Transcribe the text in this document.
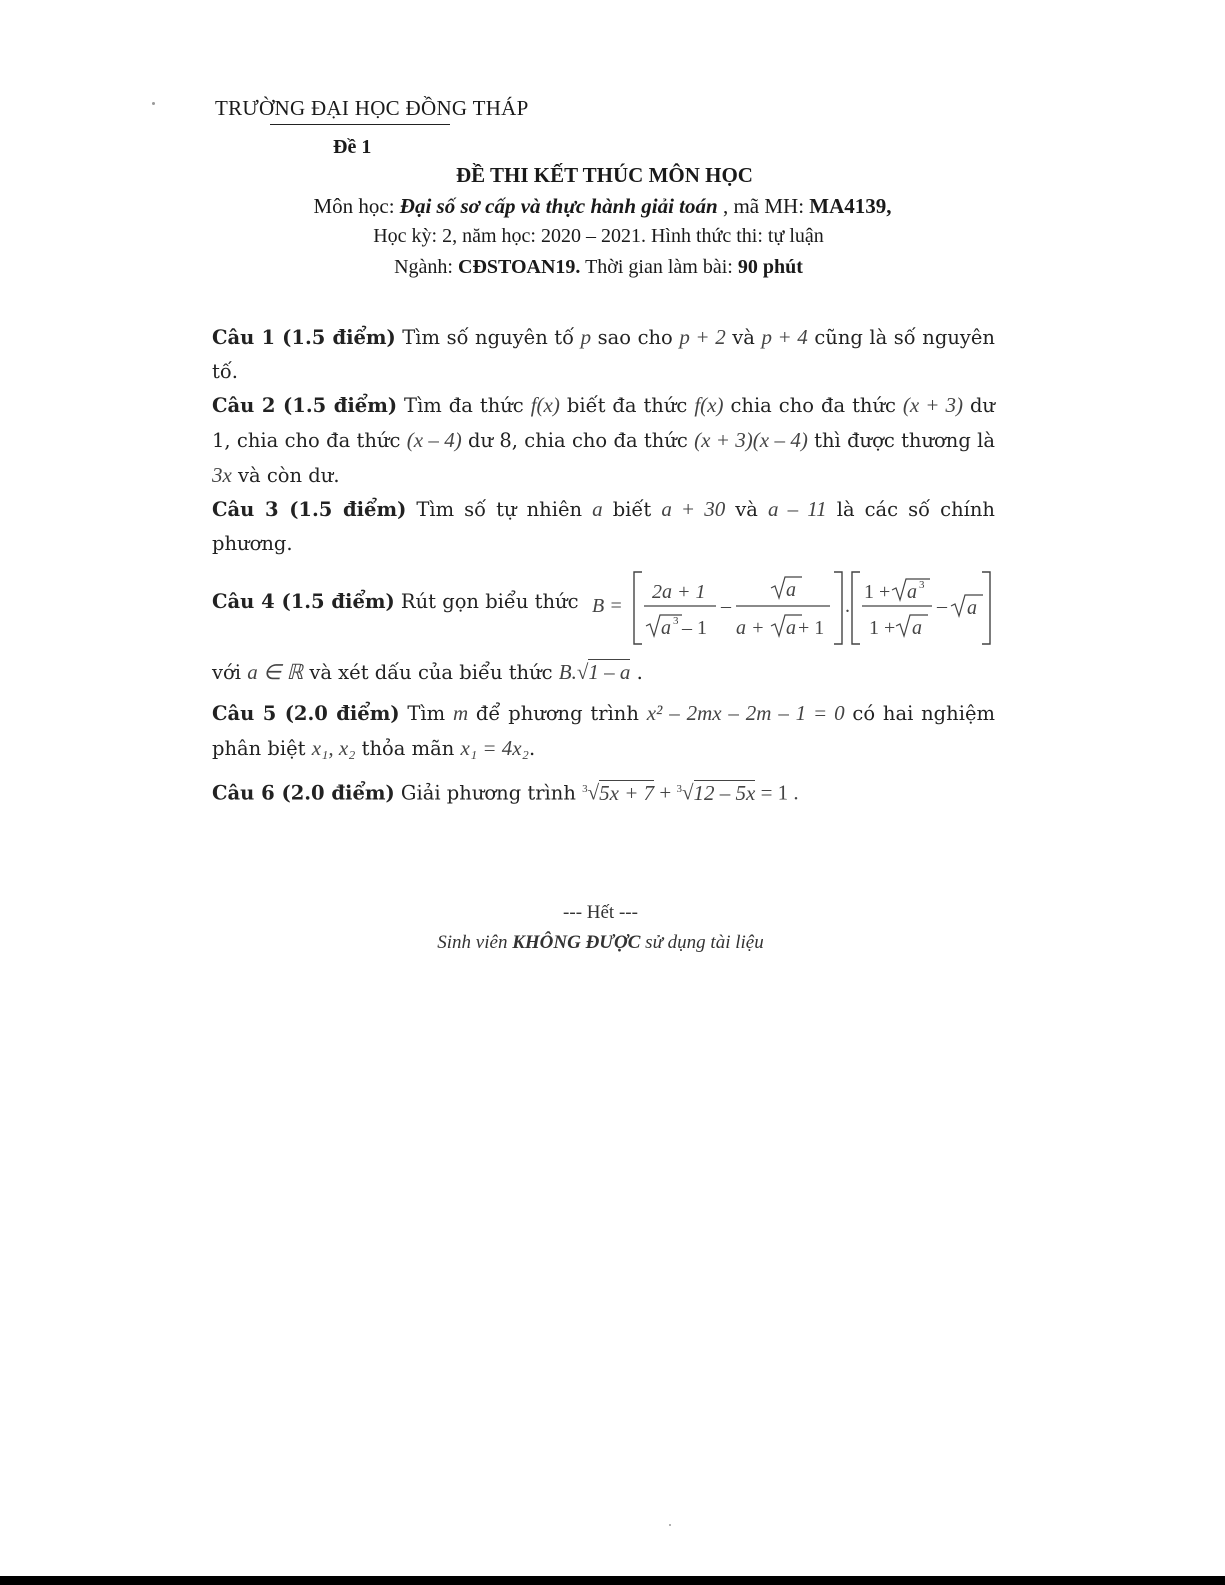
TRƯỜNG ĐẠI HỌC ĐỒNG THÁP
Đề 1
ĐỀ THI KẾT THÚC MÔN HỌC
Môn học: Đại số sơ cấp và thực hành giải toán , mã MH: MA4139,
Học kỳ: 2, năm học: 2020 – 2021. Hình thức thi: tự luận
Ngành: CĐSTOAN19. Thời gian làm bài: 90 phút
Câu 1 (1.5 điểm) Tìm số nguyên tố p sao cho p + 2 và p + 4 cũng là số nguyên tố.
Câu 2 (1.5 điểm) Tìm đa thức f(x) biết đa thức f(x) chia cho đa thức (x + 3) dư 1, chia cho đa thức (x – 4) dư 8, chia cho đa thức (x + 3)(x – 4) thì được thương là 3x và còn dư.
Câu 3 (1.5 điểm) Tìm số tự nhiên a biết a + 30 và a – 11 là các số chính phương.
Câu 4 (1.5 điểm) Rút gọn biểu thức B =
2a + 1
a 3 – 1
–
a
a + a + 1
.
1 + a 3
1 + a
– a
với a ∈ ℝ và xét dấu của biểu thức B.√1 – a .
Câu 5 (2.0 điểm) Tìm m để phương trình x² – 2mx – 2m – 1 = 0 có hai nghiệm phân biệt x₁, x₂ thỏa mãn x₁ = 4x₂.
Câu 6 (2.0 điểm) Giải phương trình $^3$√5x + 7 + $^3$√12 – 5x = 1 .
--- Hết ---
Sinh viên KHÔNG ĐƯỢC sử dụng tài liệu
